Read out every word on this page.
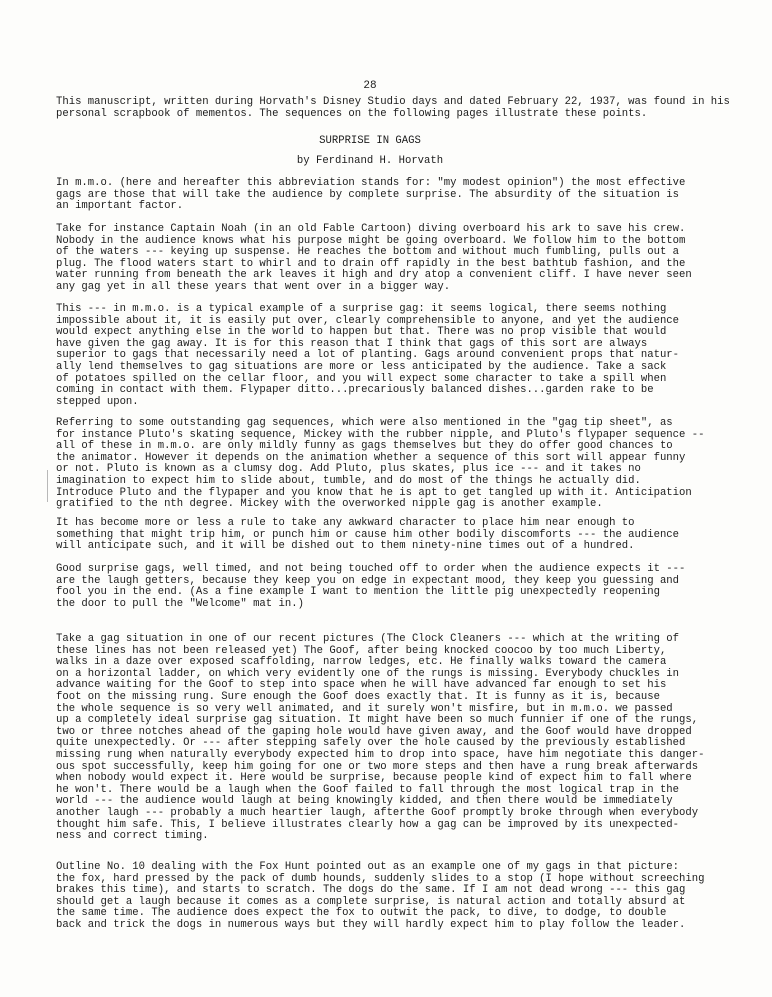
28

This manuscript, written during Horvath's Disney Studio days and dated February 22, 1937, was found in his personal scrapbook of mementos. The sequences on the following pages illustrate these points.

SURPRISE IN GAGS
by Ferdinand H. Horvath

In m.m.o. (here and hereafter this abbreviation stands for: "my modest opinion") the most effective
gags are those that will take the audience by complete surprise. The absurdity of the situation is
an important factor.

Take for instance Captain Noah (in an old Fable Cartoon) diving overboard his ark to save his crew.
Nobody in the audience knows what his purpose might be going overboard. We follow him to the bottom
of the waters --- keying up suspense. He reaches the bottom and without much fumbling, pulls out a
plug. The flood waters start to whirl and to drain off rapidly in the best bathtub fashion, and the
water running from beneath the ark leaves it high and dry atop a convenient cliff. I have never seen
any gag yet in all these years that went over in a bigger way.

This --- in m.m.o. is a typical example of a surprise gag: it seems logical, there seems nothing
impossible about it, it is easily put over, clearly comprehensible to anyone, and yet the audience
would expect anything else in the world to happen but that. There was no prop visible that would
have given the gag away. It is for this reason that I think that gags of this sort are always
superior to gags that necessarily need a lot of planting. Gags around convenient props that natur-
ally lend themselves to gag situations are more or less anticipated by the audience. Take a sack
of potatoes spilled on the cellar floor, and you will expect some character to take a spill when
coming in contact with them. Flypaper ditto...precariously balanced dishes...garden rake to be
stepped upon.

Referring to some outstanding gag sequences, which were also mentioned in the "gag tip sheet", as
for instance Pluto's skating sequence, Mickey with the rubber nipple, and Pluto's flypaper sequence --
all of these in m.m.o. are only mildly funny as gags themselves but they do offer good chances to
the animator. However it depends on the animation whether a sequence of this sort will appear funny
or not. Pluto is known as a clumsy dog. Add Pluto, plus skates, plus ice --- and it takes no
imagination to expect him to slide about, tumble, and do most of the things he actually did.
Introduce Pluto and the flypaper and you know that he is apt to get tangled up with it. Anticipation
gratified to the nth degree. Mickey with the overworked nipple gag is another example.

It has become more or less a rule to take any awkward character to place him near enough to
something that might trip him, or punch him or cause him other bodily discomforts --- the audience
will anticipate such, and it will be dished out to them ninety-nine times out of a hundred.

Good surprise gags, well timed, and not being touched off to order when the audience expects it ---
are the laugh getters, because they keep you on edge in expectant mood, they keep you guessing and
fool you in the end. (As a fine example I want to mention the little pig unexpectedly reopening
the door to pull the "Welcome" mat in.)

Take a gag situation in one of our recent pictures (The Clock Cleaners --- which at the writing of
these lines has not been released yet) The Goof, after being knocked coocoo by too much Liberty,
walks in a daze over exposed scaffolding, narrow ledges, etc. He finally walks toward the camera
on a horizontal ladder, on which very evidently one of the rungs is missing. Everybody chuckles in
advance waiting for the Goof to step into space when he will have advanced far enough to set his
foot on the missing rung. Sure enough the Goof does exactly that. It is funny as it is, because
the whole sequence is so very well animated, and it surely won't misfire, but in m.m.o. we passed
up a completely ideal surprise gag situation. It might have been so much funnier if one of the rungs,
two or three notches ahead of the gaping hole would have given away, and the Goof would have dropped
quite unexpectedly. Or --- after stepping safely over the hole caused by the previously established
missing rung when naturally everybody expected him to drop into space, have him negotiate this danger-
ous spot successfully, keep him going for one or two more steps and then have a rung break afterwards
when nobody would expect it. Here would be surprise, because people kind of expect him to fall where
he won't. There would be a laugh when the Goof failed to fall through the most logical trap in the
world --- the audience would laugh at being knowingly kidded, and then there would be immediately
another laugh --- probably a much heartier laugh, afterthe Goof promptly broke through when everybody
thought him safe. This, I believe illustrates clearly how a gag can be improved by its unexpected-
ness and correct timing.

Outline No. 10 dealing with the Fox Hunt pointed out as an example one of my gags in that picture:
the fox, hard pressed by the pack of dumb hounds, suddenly slides to a stop (I hope without screeching
brakes this time), and starts to scratch. The dogs do the same. If I am not dead wrong --- this gag
should get a laugh because it comes as a complete surprise, is natural action and totally absurd at
the same time. The audience does expect the fox to outwit the pack, to dive, to dodge, to double
back and trick the dogs in numerous ways but they will hardly expect him to play follow the leader.
